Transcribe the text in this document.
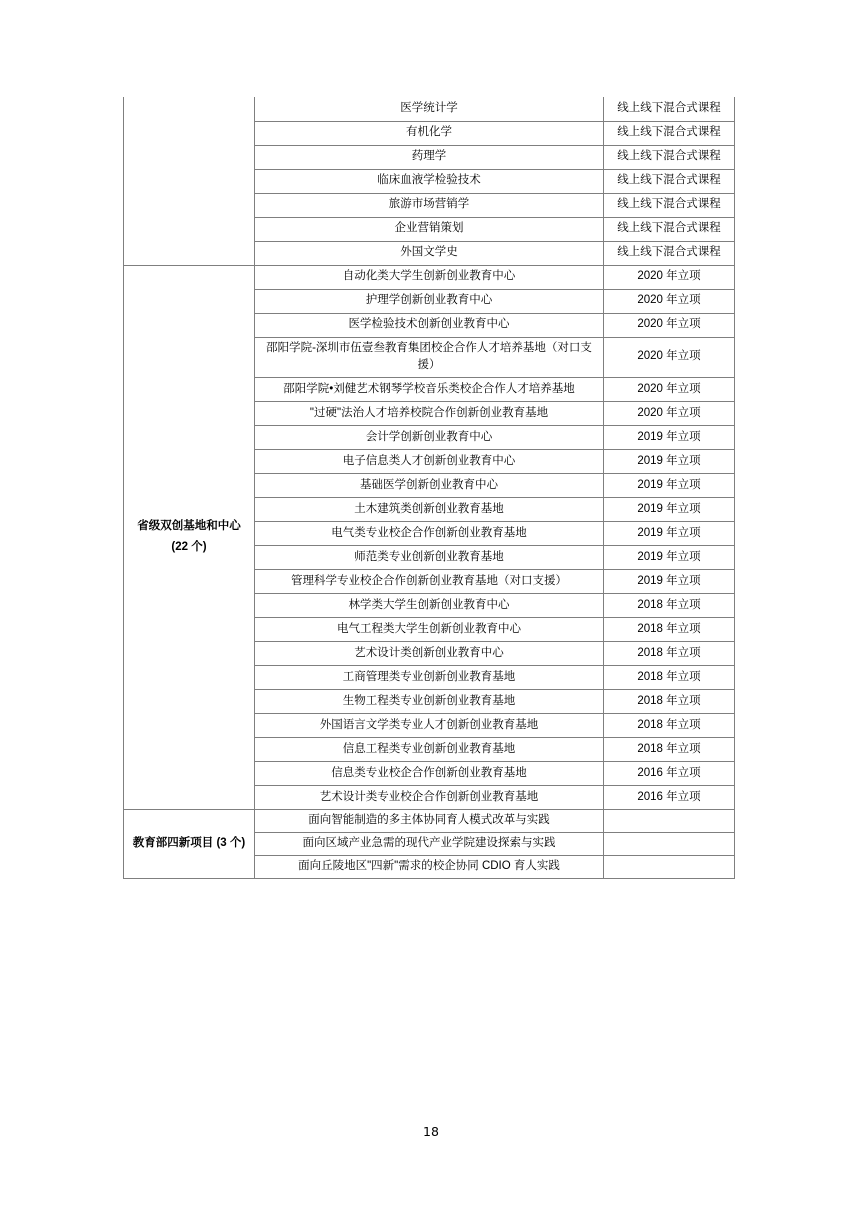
	医学统计学	线上线下混合式课程
	有机化学	线上线下混合式课程
	药理学	线上线下混合式课程
	临床血液学检验技术	线上线下混合式课程
	旅游市场营销学	线上线下混合式课程
	企业营销策划	线上线下混合式课程
	外国文学史	线上线下混合式课程

省级双创基地和中心
(22 个)	自动化类大学生创新创业教育中心	2020 年立项
	护理学创新创业教育中心	2020 年立项
	医学检验技术创新创业教育中心	2020 年立项
	邵阳学院-深圳市伍壹叁教育集团校企合作人才培养基地（对口支援）	2020 年立项
	邵阳学院•刘健艺术钢琴学校音乐类校企合作人才培养基地	2020 年立项
	"过硬"法治人才培养校院合作创新创业教育基地	2020 年立项
	会计学创新创业教育中心	2019 年立项
	电子信息类人才创新创业教育中心	2019 年立项
	基础医学创新创业教育中心	2019 年立项
	土木建筑类创新创业教育基地	2019 年立项
	电气类专业校企合作创新创业教育基地	2019 年立项
	师范类专业创新创业教育基地	2019 年立项
	管理科学专业校企合作创新创业教育基地（对口支援）	2019 年立项
	林学类大学生创新创业教育中心	2018 年立项
	电气工程类大学生创新创业教育中心	2018 年立项
	艺术设计类创新创业教育中心	2018 年立项
	工商管理类专业创新创业教育基地	2018 年立项
	生物工程类专业创新创业教育基地	2018 年立项
	外国语言文学类专业人才创新创业教育基地	2018 年立项
	信息工程类专业创新创业教育基地	2018 年立项
	信息类专业校企合作创新创业教育基地	2016 年立项
	艺术设计类专业校企合作创新创业教育基地	2016 年立项

教育部四新项目 (3 个)	面向智能制造的多主体协同育人模式改革与实践	
	面向区域产业急需的现代产业学院建设探索与实践	
	面向丘陵地区"四新"需求的校企协同 CDIO 育人实践	
18
